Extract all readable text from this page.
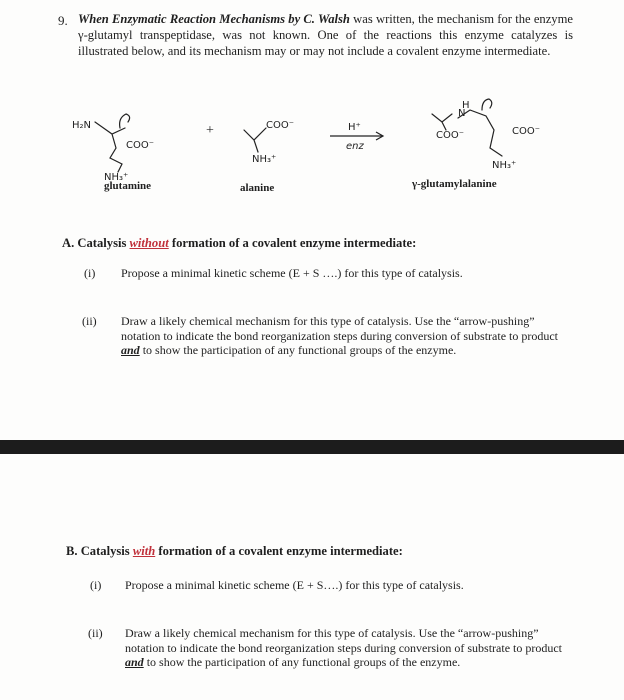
9. When Enzymatic Reaction Mechanisms by C. Walsh was written, the mechanism for the enzyme γ-glutamyl transpeptidase, was not known. One of the reactions this enzyme catalyzes is illustrated below, and its mechanism may or may not include a covalent enzyme intermediate.
H₂N
COO⁻
NH₃⁺
+	COO⁻
NH₃⁺
H⁺
enz
N
H
COO⁻	COO⁻
NH₃⁺
glutamine	alanine	γ-glutamylalanine
A. Catalysis without formation of a covalent enzyme intermediate:
(i) Propose a minimal kinetic scheme (E + S ….) for this type of catalysis.
(ii) Draw a likely chemical mechanism for this type of catalysis. Use the “arrow-pushing” notation to indicate the bond reorganization steps during conversion of substrate to product and to show the participation of any functional groups of the enzyme.
B. Catalysis with formation of a covalent enzyme intermediate:
(i) Propose a minimal kinetic scheme (E + S….) for this type of catalysis.
(ii) Draw a likely chemical mechanism for this type of catalysis. Use the “arrow-pushing” notation to indicate the bond reorganization steps during conversion of substrate to product and to show the participation of any functional groups of the enzyme.
